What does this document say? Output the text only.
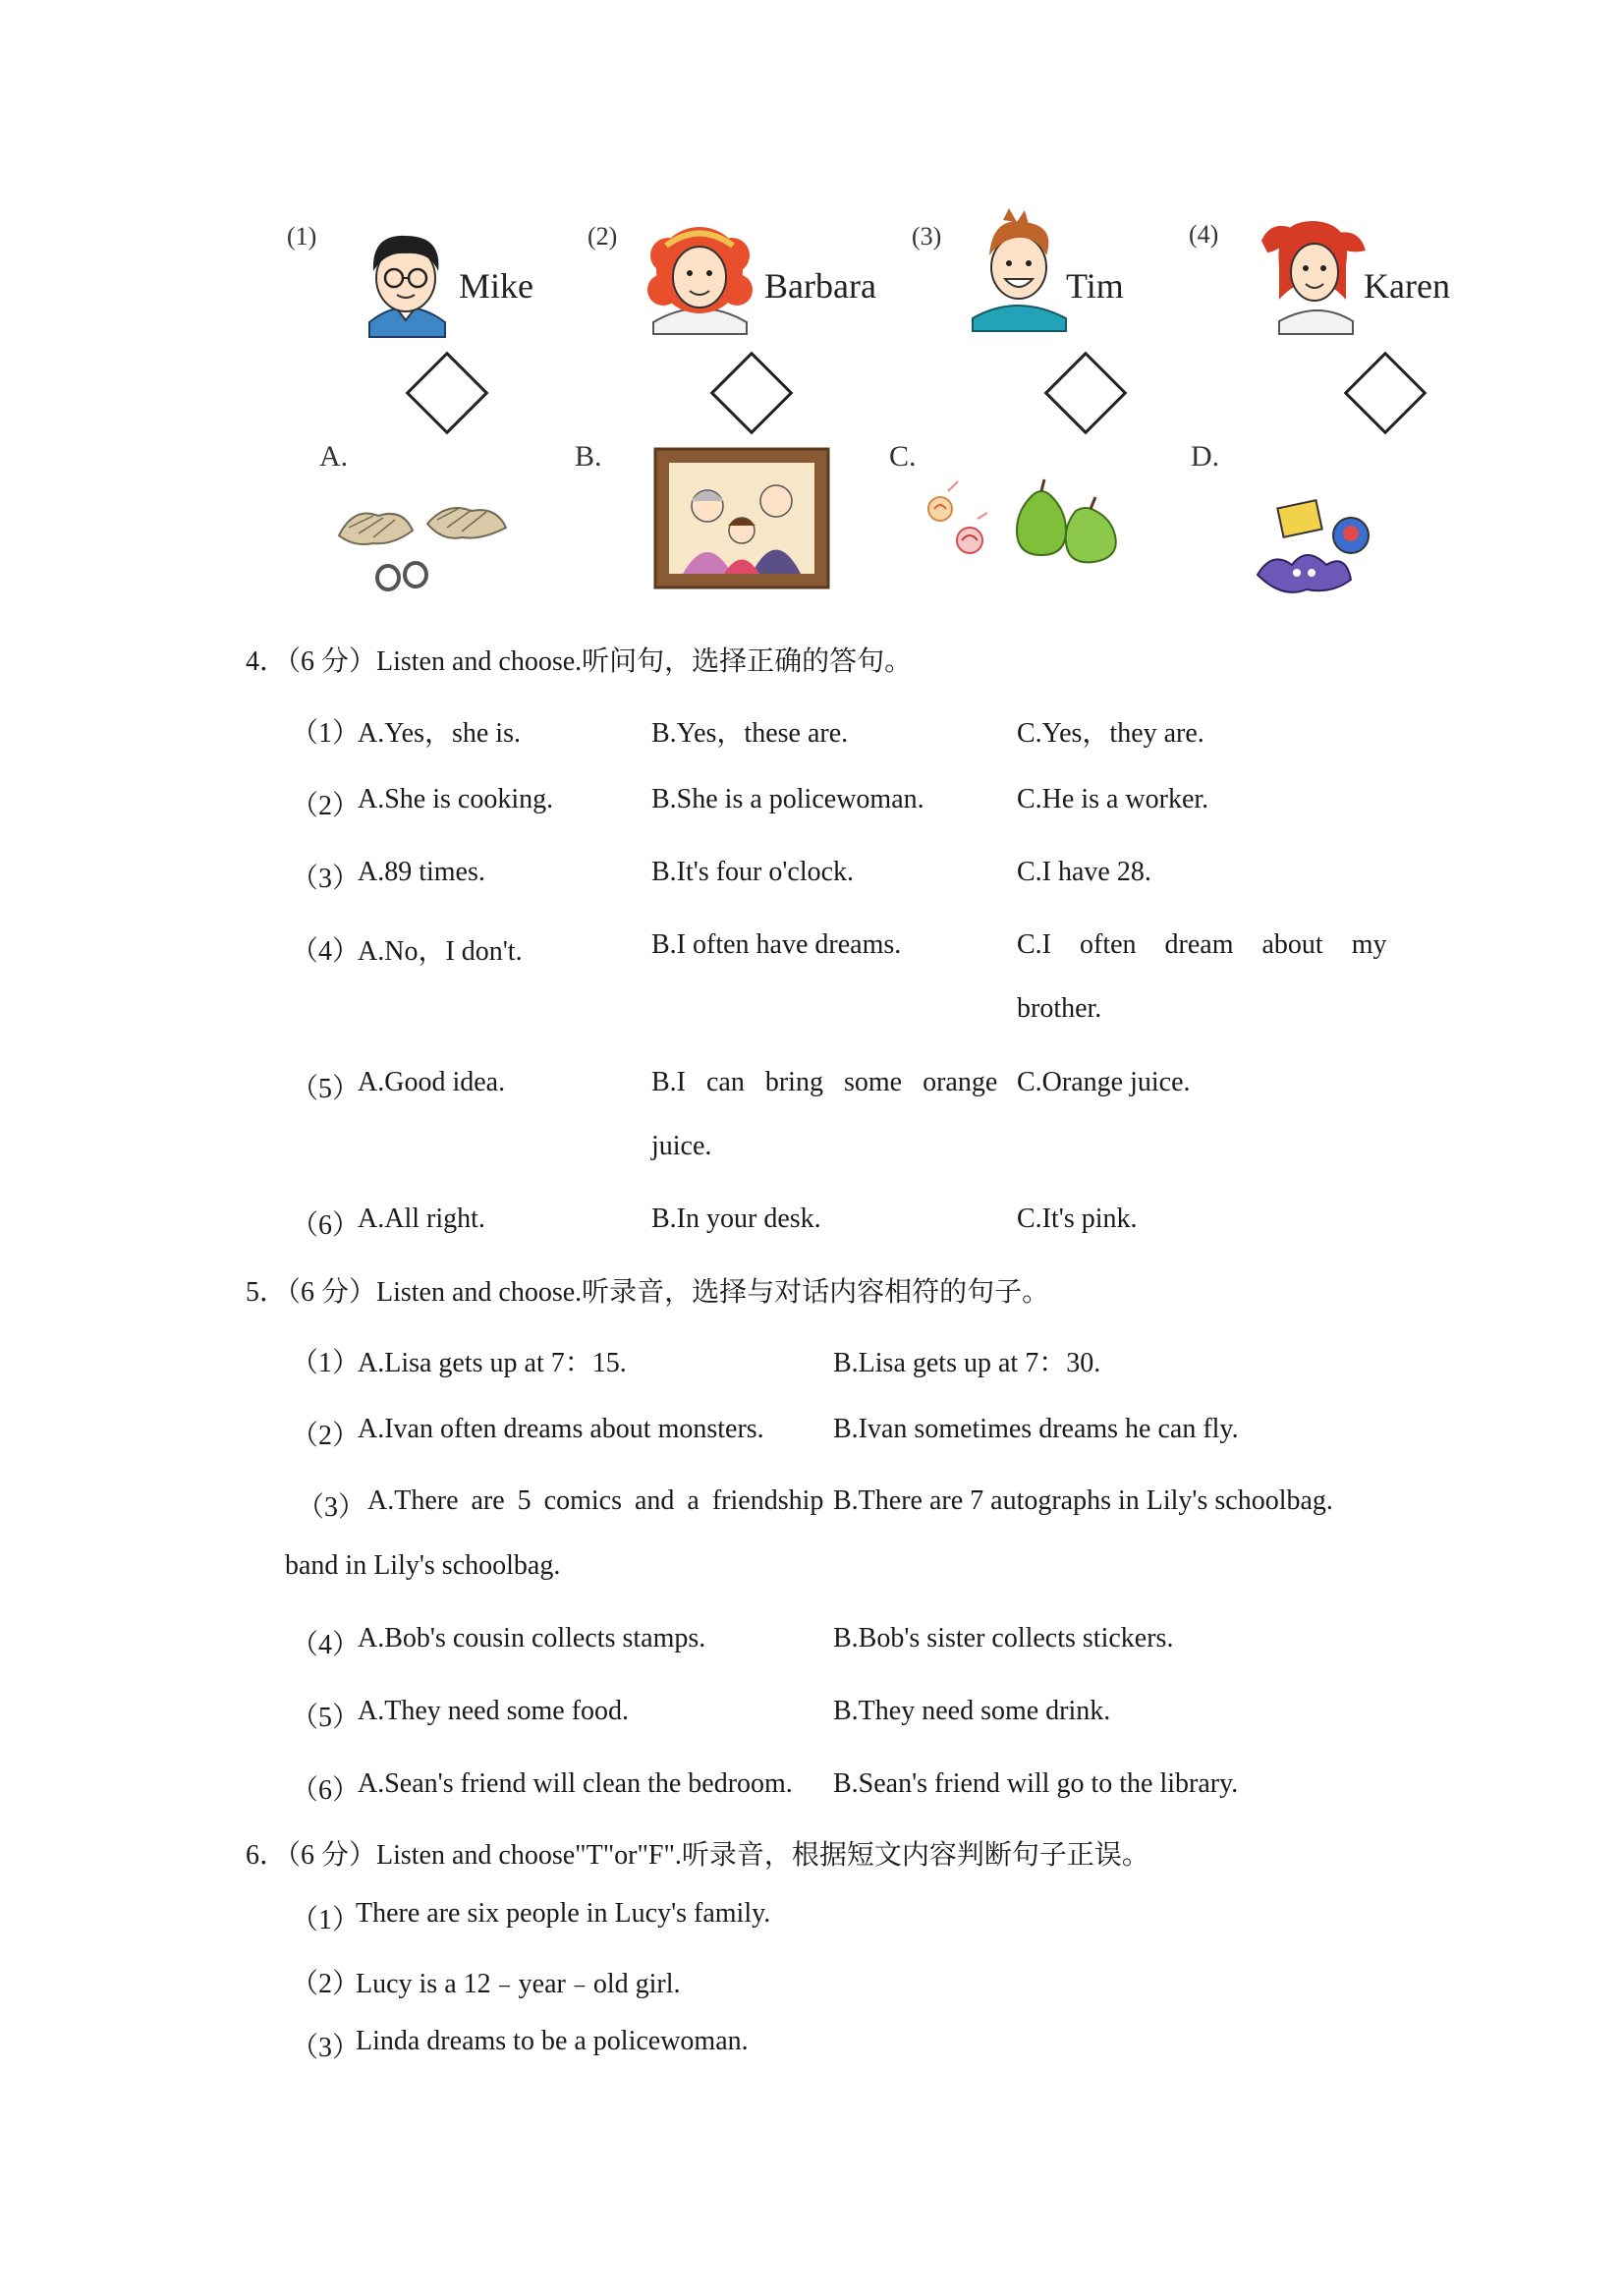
(1)
Mike
(2)
Barbara
(3)
Tim
(4)
Karen
A.	B.	C.	D.
4．（6 分）Listen and choose.听问句，选择正确的答句。
（1）
A.Yes，she is.	B.Yes，these are.	C.Yes，they are.
（2）
A.She is cooking.	B.She is a policewoman.	C.He is a worker.
（3）
A.89 times.	B.It's four o'clock.	C.I have 28.
（4）
A.No，I don't.	B.I often have dreams.	C.I often dream about my
brother.
（5）
A.Good idea.	B.I can bring some orange C.Orange juice.
juice.
（6）
A.All right.	B.In your desk.	C.It's pink.
5．（6 分）Listen and choose.听录音，选择与对话内容相符的句子。
（1）
A.Lisa gets up at 7：15.	B.Lisa gets up at 7：30.
（2）
A.Ivan often dreams about monsters.	B.Ivan sometimes dreams he can fly.
（3） A.There are 5 comics and a friendship B.There are 7 autographs in Lily's schoolbag.
band in Lily's schoolbag.
（4）
A.Bob's cousin collects stamps.	B.Bob's sister collects stickers.
（5）
A.They need some food.	B.They need some drink.
（6）
A.Sean's friend will clean the bedroom. B.Sean's friend will go to the library.
6．（6 分）Listen and choose"T"or"F".听录音，根据短文内容判断句子正误。
（1）
There are six people in Lucy's family.
（2）
Lucy is a 12﹣year﹣old girl.
（3）
Linda dreams to be a policewoman.
